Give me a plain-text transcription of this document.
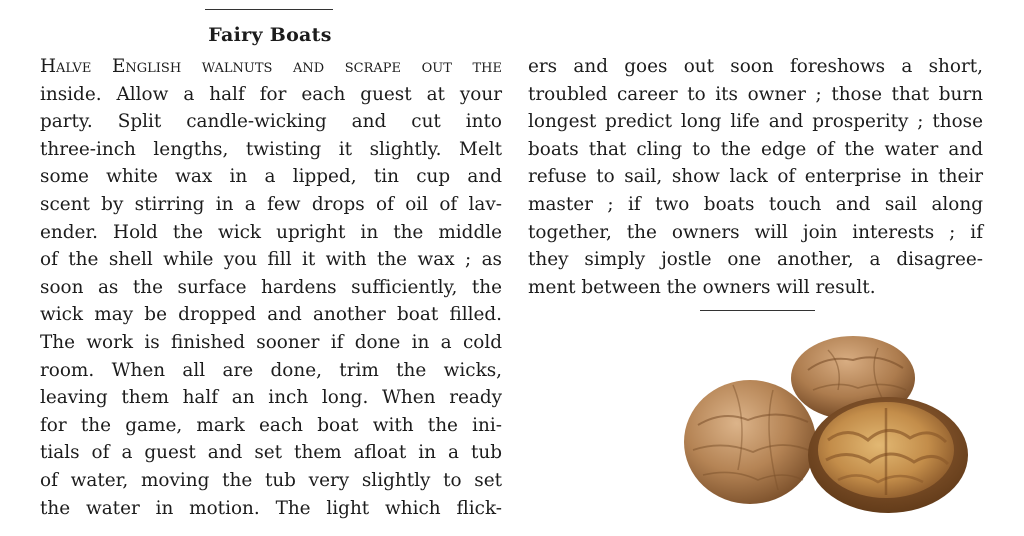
Fairy Boats
Halve English walnuts and scrape out the
inside. Allow a half for each guest at your
party. Split candle-wicking and cut into
three-inch lengths, twisting it slightly. Melt
some white wax in a lipped, tin cup and
scent by stirring in a few drops of oil of lav-
ender. Hold the wick upright in the middle
of the shell while you fill it with the wax ; as
soon as the surface hardens sufficiently, the
wick may be dropped and another boat filled.
The work is finished sooner if done in a cold
room. When all are done, trim the wicks,
leaving them half an inch long. When ready
for the game, mark each boat with the ini-
tials of a guest and set them afloat in a tub
of water, moving the tub very slightly to set
the water in motion. The light which flick-
ers and goes out soon foreshows a short,
troubled career to its owner ; those that burn
longest predict long life and prosperity ; those
boats that cling to the edge of the water and
refuse to sail, show lack of enterprise in their
master ; if two boats touch and sail along
together, the owners will join interests ; if
they simply jostle one another, a disagree-
ment between the owners will result.
